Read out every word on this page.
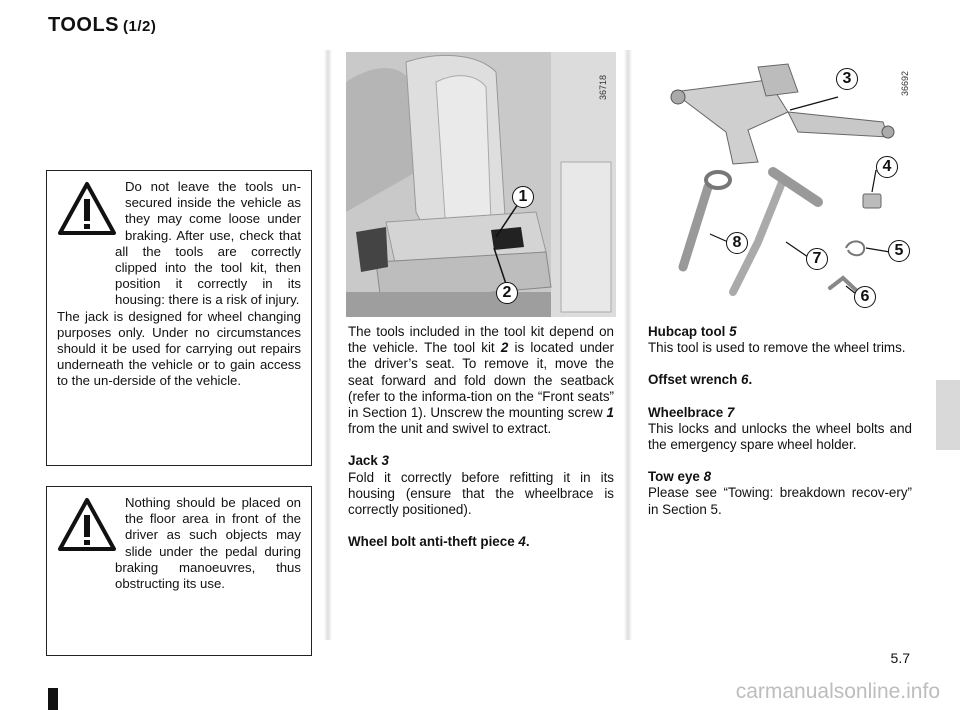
TOOLS (1/2)

Do not leave the tools un-secured inside the vehicle as they may come loose under braking. After use, check that all the tools are correctly clipped into the tool kit, then position it correctly in its housing: there is a risk of injury.

The jack is designed for wheel changing purposes only. Under no circumstances should it be used for carrying out repairs underneath the vehicle or to gain access to the un-derside of the vehicle.

Nothing should be placed on the floor area in front of the driver as such objects may slide under the pedal during braking manoeuvres, thus obstructing its use.

36718
1
2
36692
3
4
5
6
7
8

The tools included in the tool kit depend on the vehicle. The tool kit 2 is located under the driver’s seat. To remove it, move the seat forward and fold down the seatback (refer to the informa-tion on the “Front seats” in Section 1). Unscrew the mounting screw 1 from the unit and swivel to extract.

Jack 3
Fold it correctly before refitting it in its housing (ensure that the wheelbrace is correctly positioned).

Wheel bolt anti-theft piece 4.

Hubcap tool 5
This tool is used to remove the wheel trims.

Offset wrench 6.

Wheelbrace 7
This locks and unlocks the wheel bolts and the emergency spare wheel holder.

Tow eye 8
Please see “Towing: breakdown recov-ery” in Section 5.

5.7
carmanualsonline.info
